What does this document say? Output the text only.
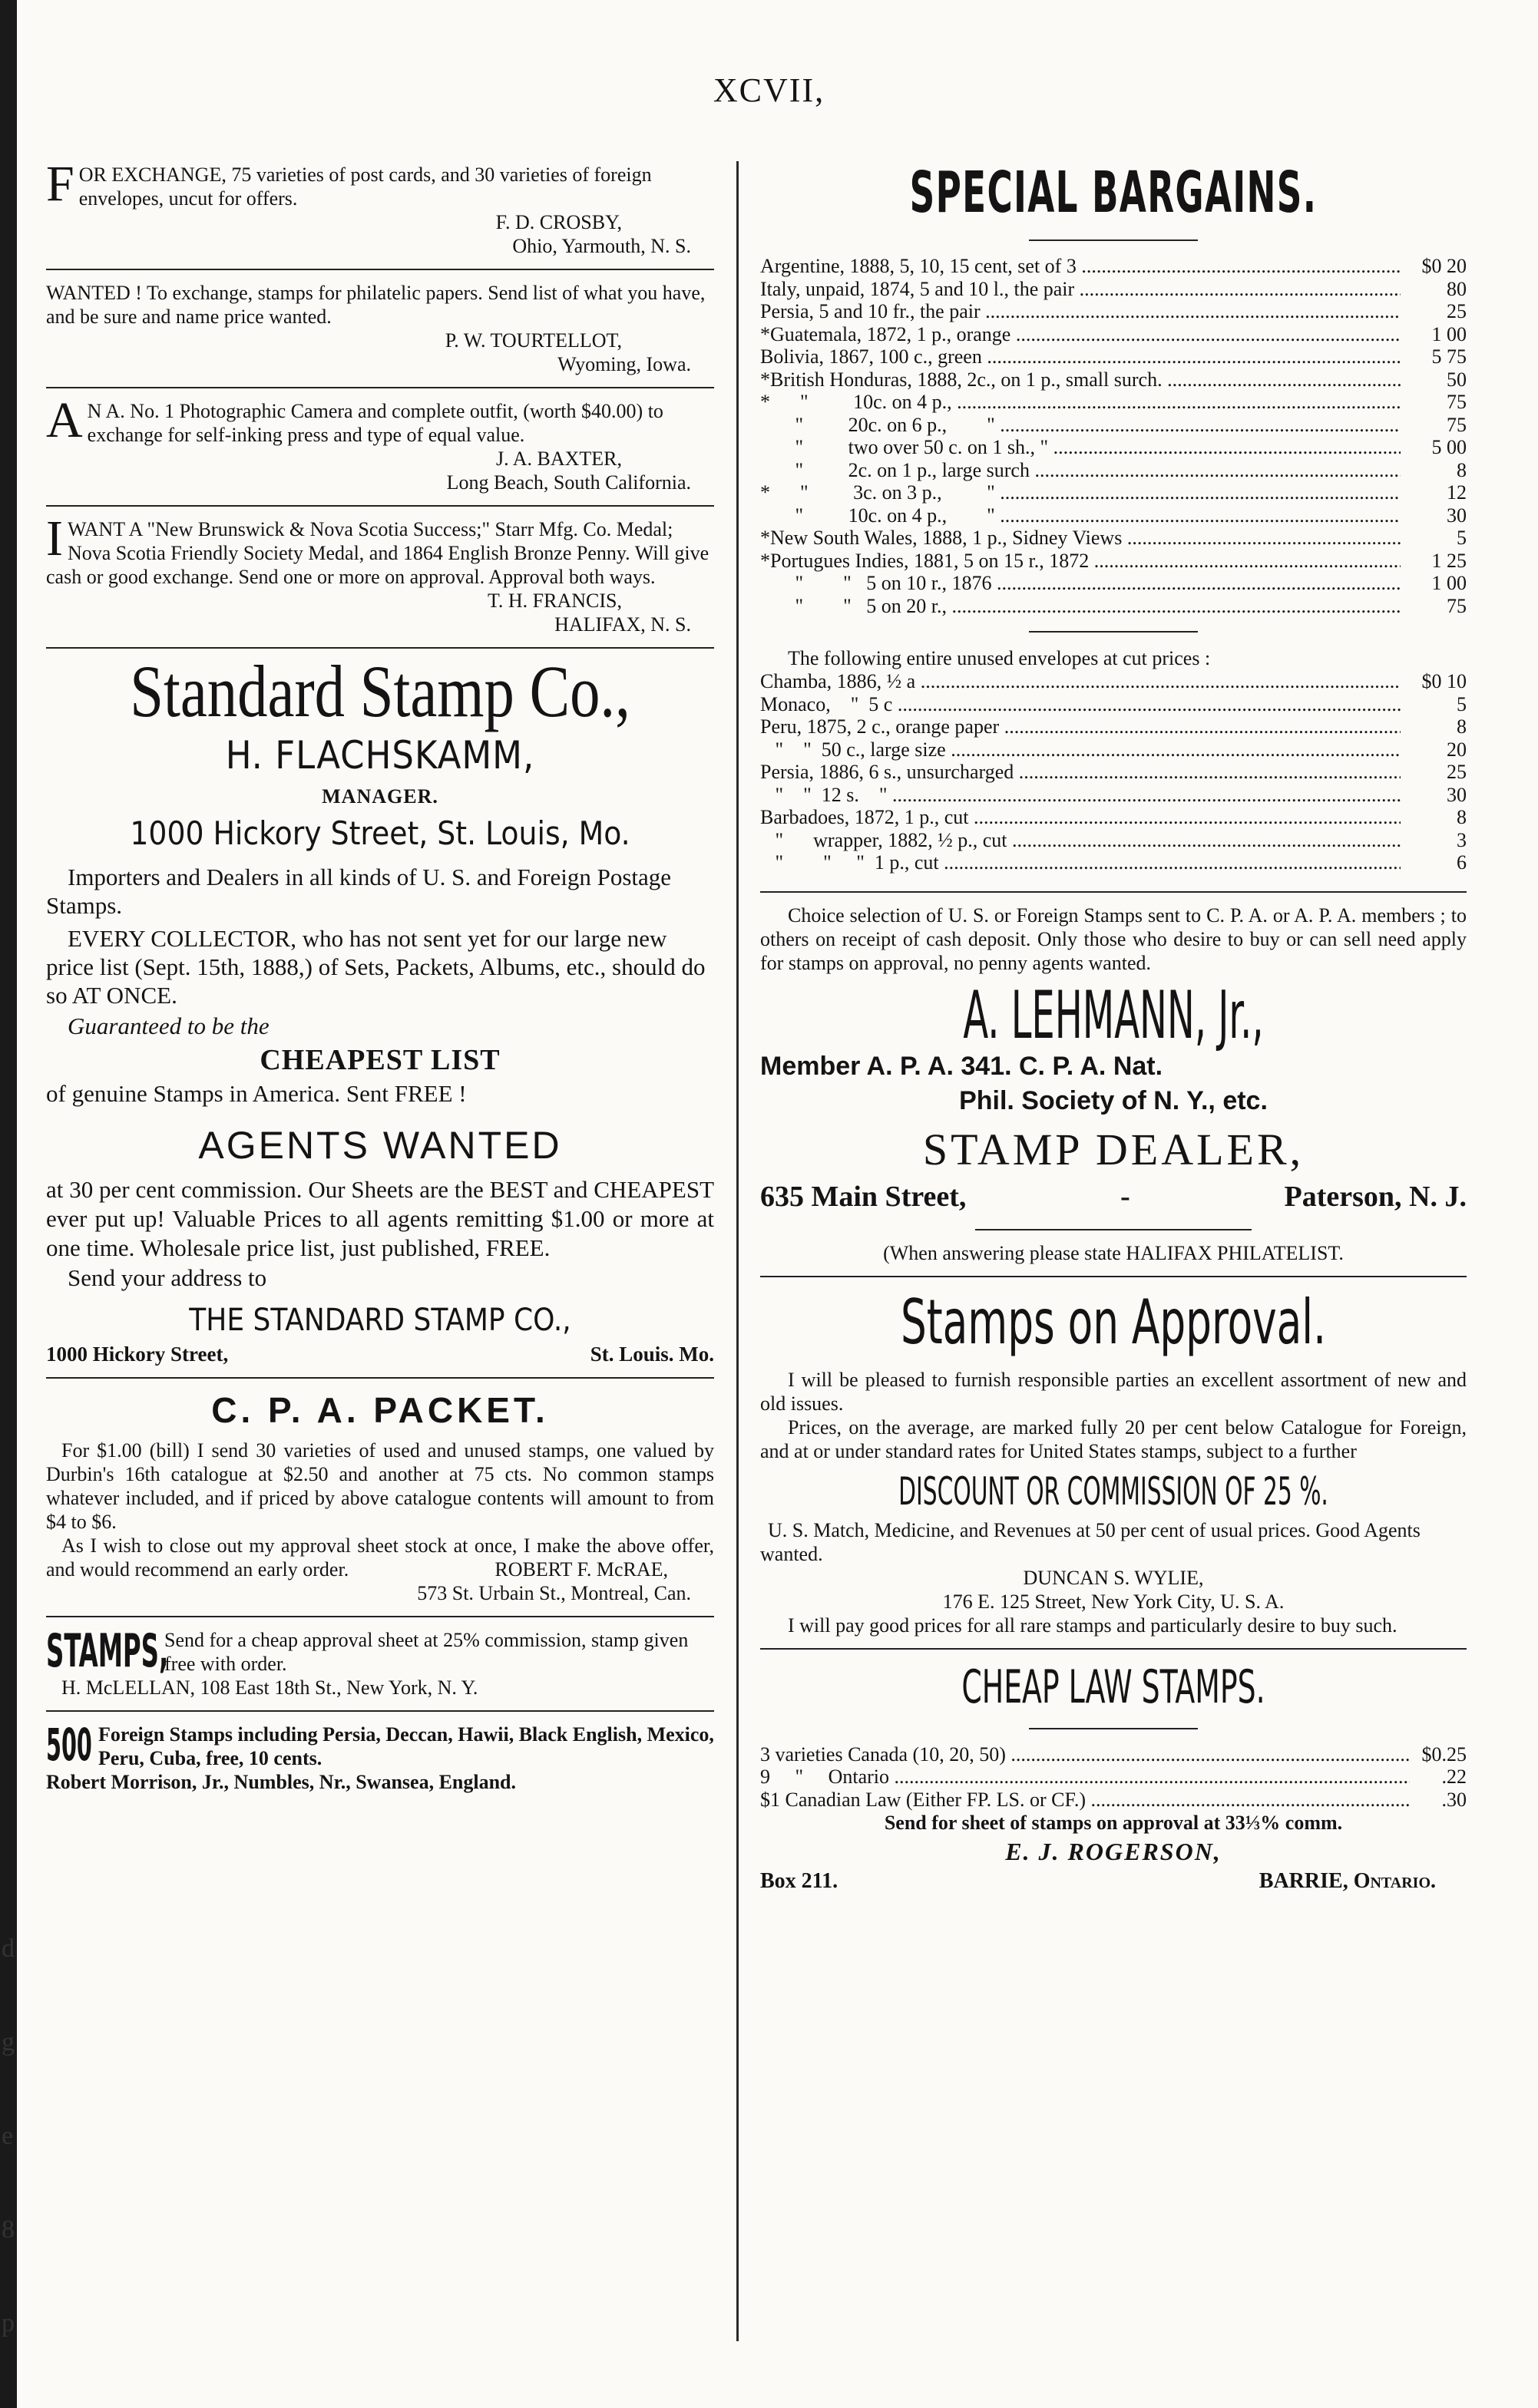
d
g
e
8
p
XCVII,
F OR EXCHANGE, 75 varieties of post cards, and 30 varieties of foreign envelopes, uncut for offers.
F. D. CROSBY,
Ohio, Yarmouth, N. S.
WANTED ! To exchange, stamps for philatelic papers. Send list of what you have, and be sure and name price wanted.
P. W. TOURTELLOT,
Wyoming, Iowa.
A N A. No. 1 Photographic Camera and complete outfit, (worth $40.00) to exchange for self-inking press and type of equal value.
J. A. BAXTER,
Long Beach, South California.
I WANT A "New Brunswick & Nova Scotia Success;" Starr Mfg. Co. Medal; Nova Scotia Friendly Society Medal, and 1864 English Bronze Penny. Will give cash or good exchange. Send one or more on approval. Approval both ways.
T. H. FRANCIS,
HALIFAX, N. S.
Standard Stamp Co.,
H. FLACHSKAMM,
MANAGER.
1000 Hickory Street, St. Louis, Mo.
Importers and Dealers in all kinds of U. S. and Foreign Postage Stamps.
EVERY COLLECTOR, who has not sent yet for our large new price list (Sept. 15th, 1888,) of Sets, Packets, Albums, etc., should do so AT ONCE.
Guaranteed to be the
CHEAPEST LIST
of genuine Stamps in America. Sent FREE !
AGENTS WANTED
at 30 per cent commission. Our Sheets are the BEST and CHEAPEST ever put up! Valuable Prices to all agents remitting $1.00 or more at one time. Wholesale price list, just published, FREE.
Send your address to
THE STANDARD STAMP CO.,
1000 Hickory Street,	St. Louis. Mo.
C. P. A. PACKET.
For $1.00 (bill) I send 30 varieties of used and unused stamps, one valued by Durbin's 16th catalogue at $2.50 and another at 75 cts. No common stamps whatever included, and if priced by above catalogue contents will amount to from $4 to $6.
As I wish to close out my approval sheet stock at once, I make the above offer, and would recommend an early order.	ROBERT F. McRAE,
573 St. Urbain St., Montreal, Can.
STAMPS,
Send for a cheap approval sheet at 25% commission, stamp given free with order.
H. McLELLAN, 108 East 18th St., New York, N. Y.
500 Foreign Stamps including Persia, Deccan, Hawii, Black English, Mexico, Peru, Cuba, free, 10 cents.
Robert Morrison, Jr., Numbles, Nr., Swansea, England.
SPECIAL BARGAINS.
Argentine, 1888, 5, 10, 15 cent, set of 3 .....	$0 20
Italy, unpaid, 1874, 5 and 10 l., the pair .....	80
Persia, 5 and 10 fr., the pair .....	25
*Guatemala, 1872, 1 p., orange .....	1 00
Bolivia, 1867, 100 c., green .....	5 75
*British Honduras, 1888, 2c., on 1 p., small surch. .....	50
*      "         10c. on 4 p., .....	75
"         20c. on 6 p.,        " .....	75
"         two over 50 c. on 1 sh., " .....	5 00
"         2c. on 1 p., large surch .....	8
*      "         3c. on 3 p.,         " .....	12
"         10c. on 4 p.,        " .....	30
*New South Wales, 1888, 1 p., Sidney Views .....	5
*Portugues Indies, 1881, 5 on 15 r., 1872 .....	1 25
"        "   5 on 10 r., 1876 .....	1 00
"        "   5 on 20 r., .....	75
The following entire unused envelopes at cut prices :
Chamba, 1886, ½ a .....	$0 10
Monaco,    "  5 c .....	5
Peru, 1875, 2 c., orange paper .....	8
"    "  50 c., large size .....	20
Persia, 1886, 6 s., unsurcharged .....	25
"    "  12 s.    " .....	30
Barbadoes, 1872, 1 p., cut .....	8
"      wrapper, 1882, ½ p., cut .....	3
"        "     "  1 p., cut .....	6
Choice selection of U. S. or Foreign Stamps sent to C. P. A. or A. P. A. members ; to others on receipt of cash deposit. Only those who desire to buy or can sell need apply for stamps on approval, no penny agents wanted.
A. LEHMANN, Jr.,
Member A. P. A. 341. C. P. A. Nat.
Phil. Society of N. Y., etc.
STAMP DEALER,
635 Main Street,	-	Paterson, N. J.
(When answering please state HALIFAX PHILATELIST.
Stamps on Approval.
I will be pleased to furnish responsible parties an excellent assortment of new and old issues.
Prices, on the average, are marked fully 20 per cent below Catalogue for Foreign, and at or under standard rates for United States stamps, subject to a further
DISCOUNT OR COMMISSION OF 25 %.
U. S. Match, Medicine, and Revenues at 50 per cent of usual prices. Good Agents wanted.
DUNCAN S. WYLIE,
176 E. 125 Street, New York City, U. S. A.
I will pay good prices for all rare stamps and particularly desire to buy such.
CHEAP LAW STAMPS.
3 varieties Canada (10, 20, 50) .....	$0.25
9     "     Ontario .....	.22
$1 Canadian Law (Either FP. LS. or CF.) .....	.30
Send for sheet of stamps on approval at 33⅓% comm.
E. J. ROGERSON,
Box 211.	BARRIE, Ontario.
